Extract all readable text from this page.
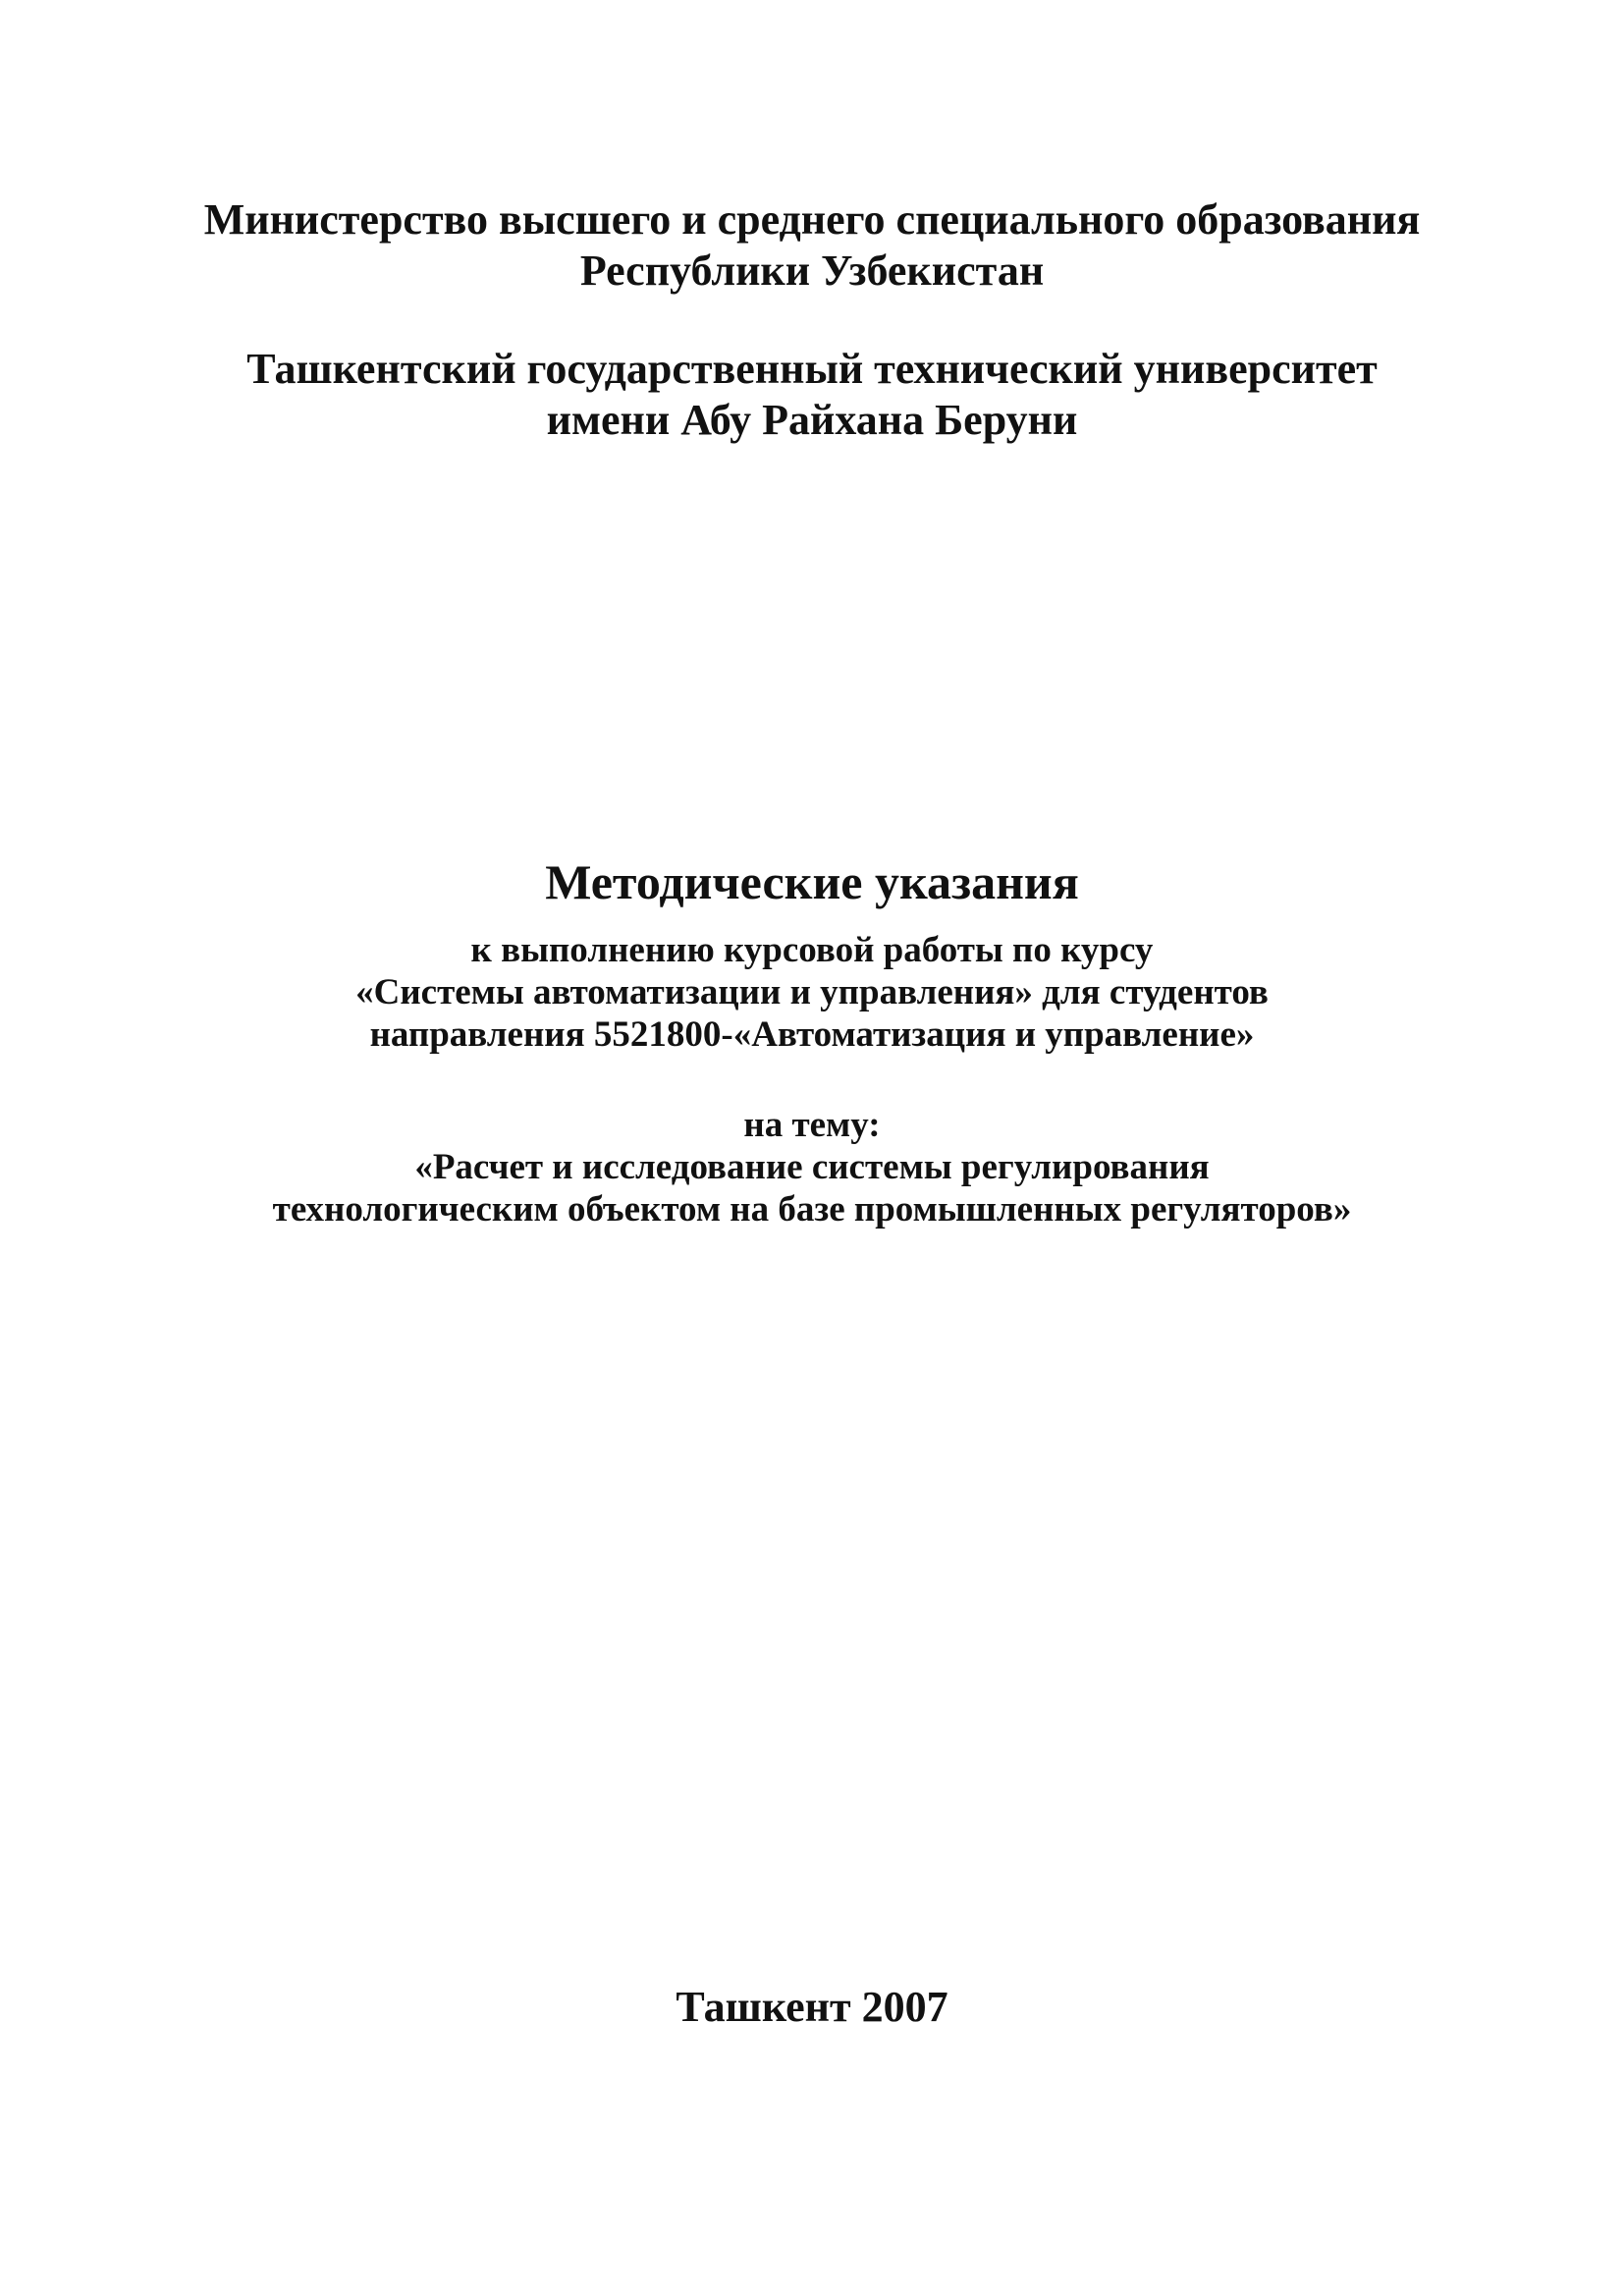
Министерство высшего и среднего специального образования
Республики Узбекистан
Ташкентский государственный технический университет
имени Абу Райхана Беруни
Методические указания
к выполнению курсовой работы по курсу
«Системы автоматизации и управления» для студентов
направления 5521800-«Автоматизация и управление»
на тему:
«Расчет и исследование системы регулирования
технологическим объектом на базе промышленных регуляторов»
Ташкент 2007
